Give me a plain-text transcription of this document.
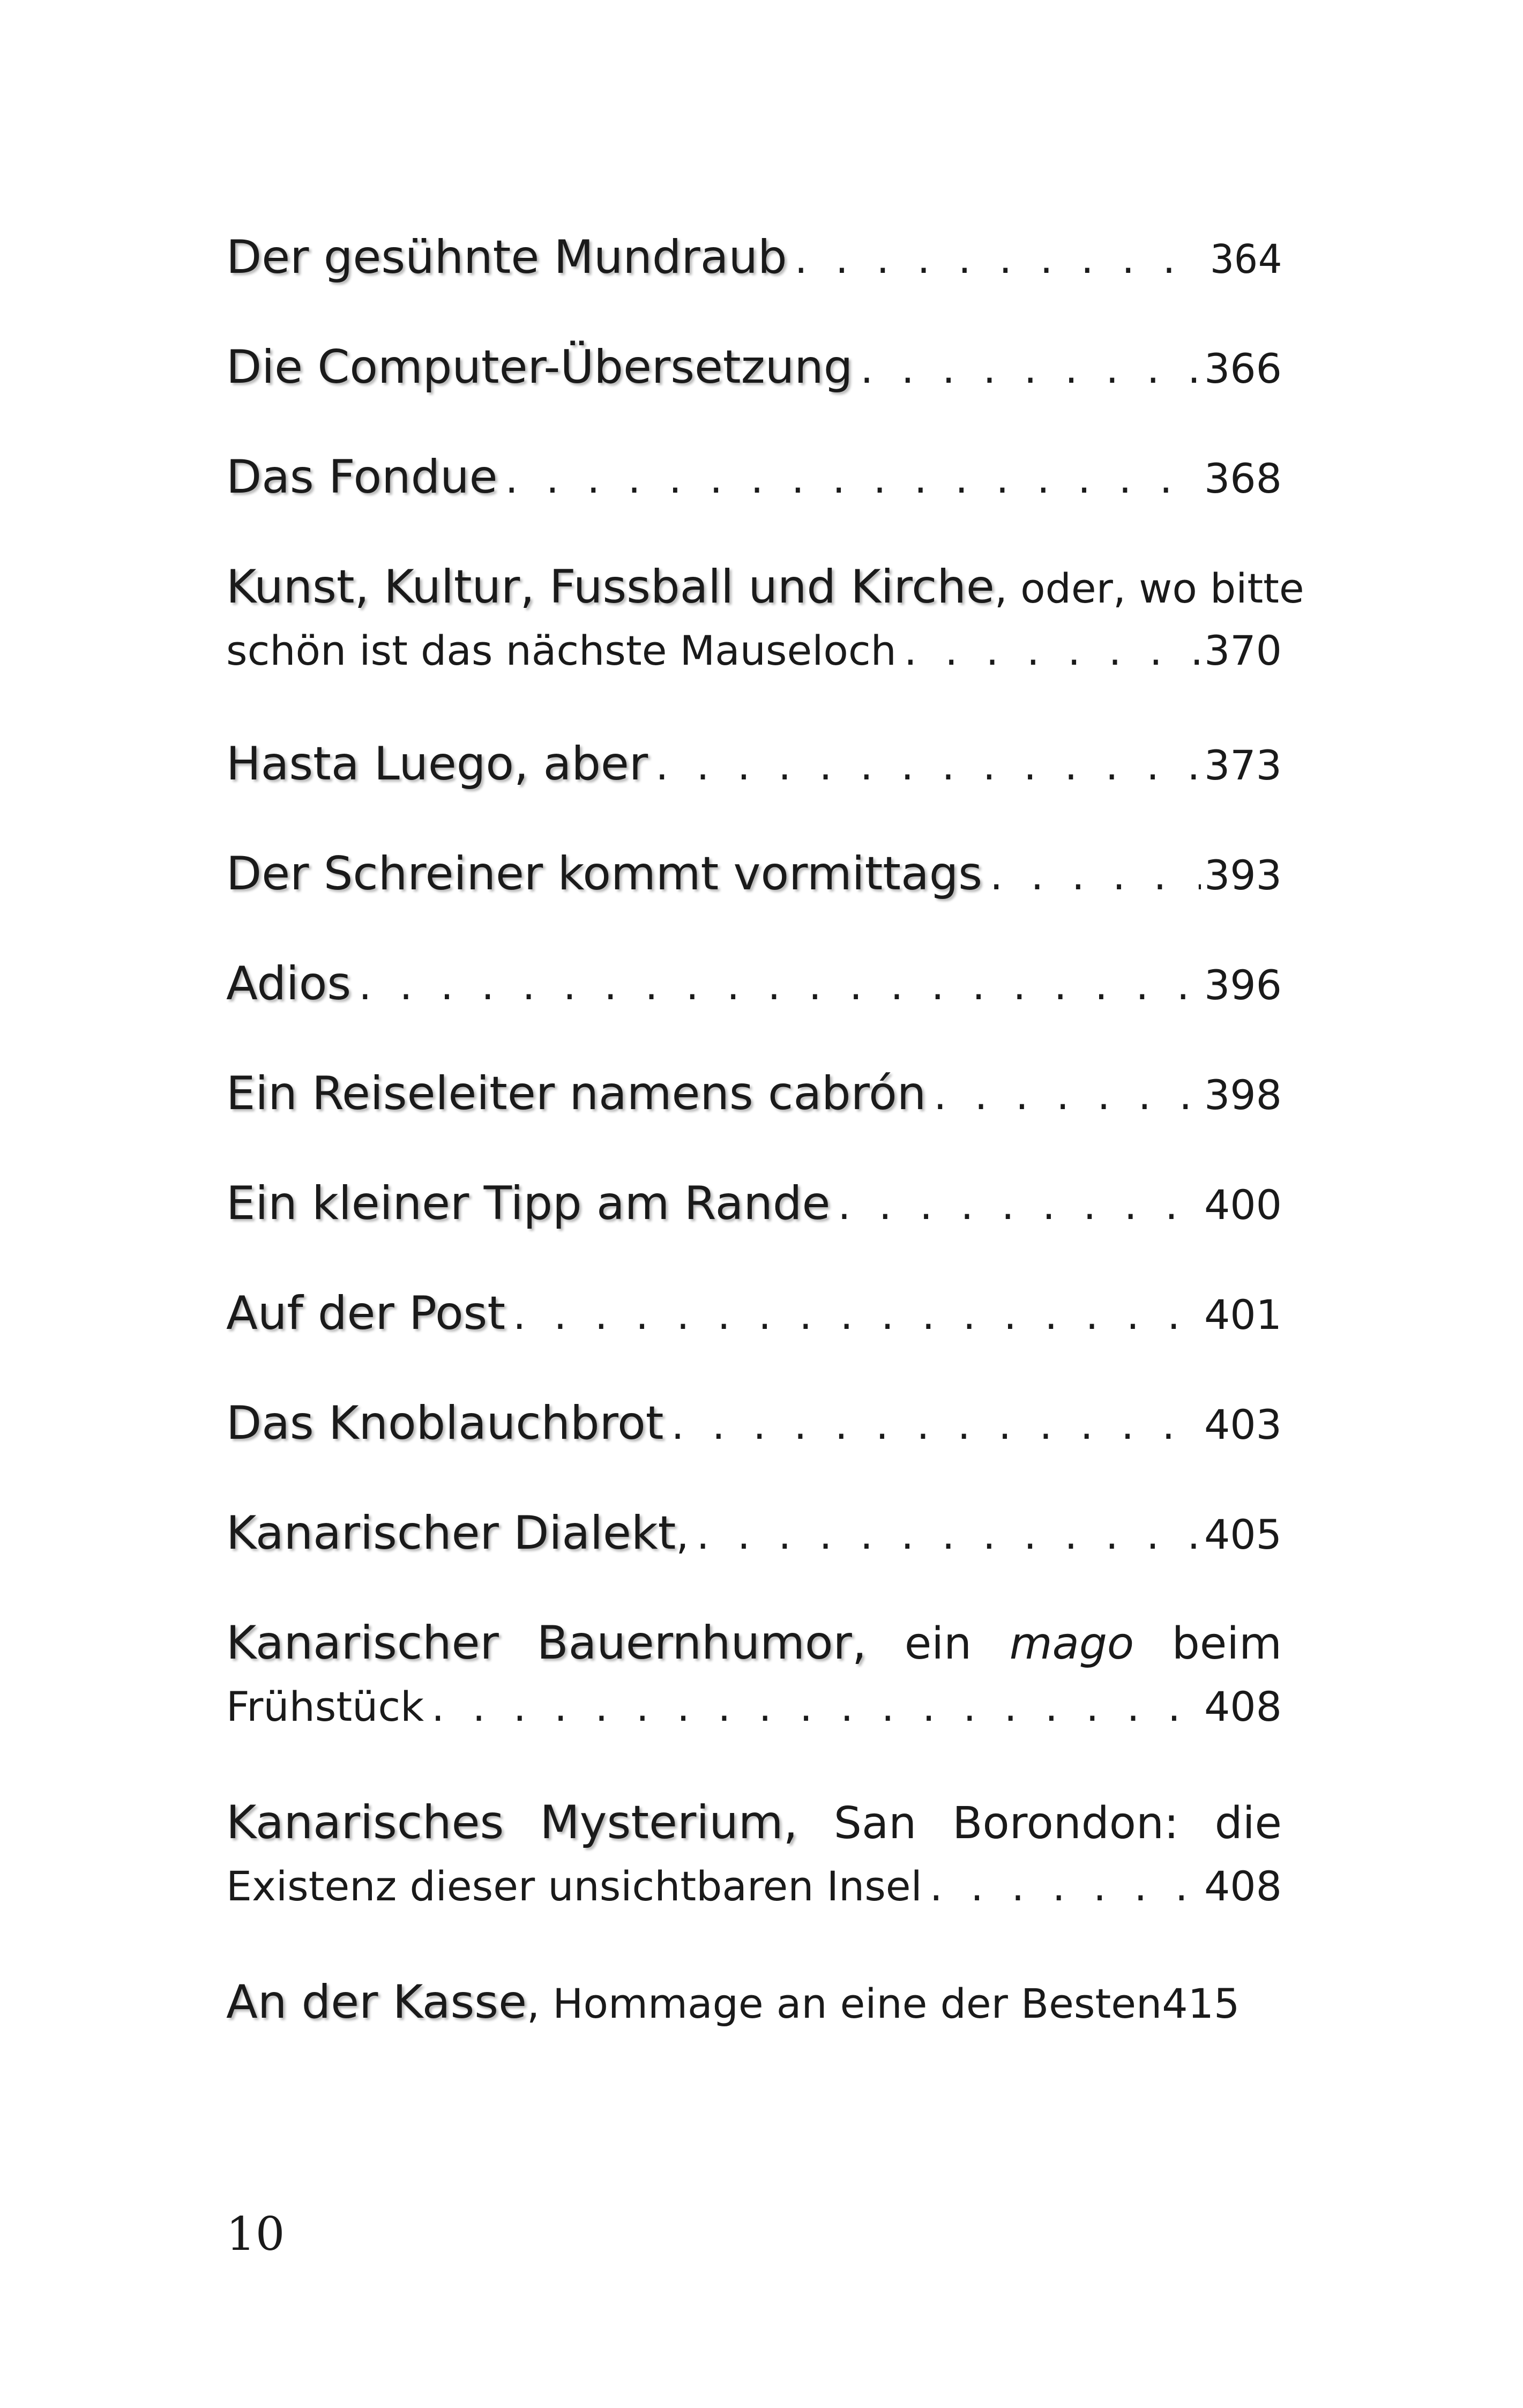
Der gesühnte Mundraub . . .	364
Die Computer-Übersetzung . . .	366
Das Fondue . . .	368
Kunst, Kultur, Fussball und Kirche , oder, wo bitte
schön ist das nächste Mauseloch . . .	370
Hasta Luego, aber . . .	373
Der Schreiner kommt vormittags . . .	393
Adios . . .	396
Ein Reiseleiter namens cabrón . . .	398
Ein kleiner Tipp am Rande . . .	400
Auf der Post . . .	401
Das Knoblauchbrot . . .	403
Kanarischer Dialekt , . . .	405
Kanarischer Bauernhumor, ein mago beim
Frühstück . . .	408
Kanarisches Mysterium, San Borondon: die
Existenz dieser unsichtbaren Insel . . .	408
An der Kasse , Hommage an eine der Besten 415
10
